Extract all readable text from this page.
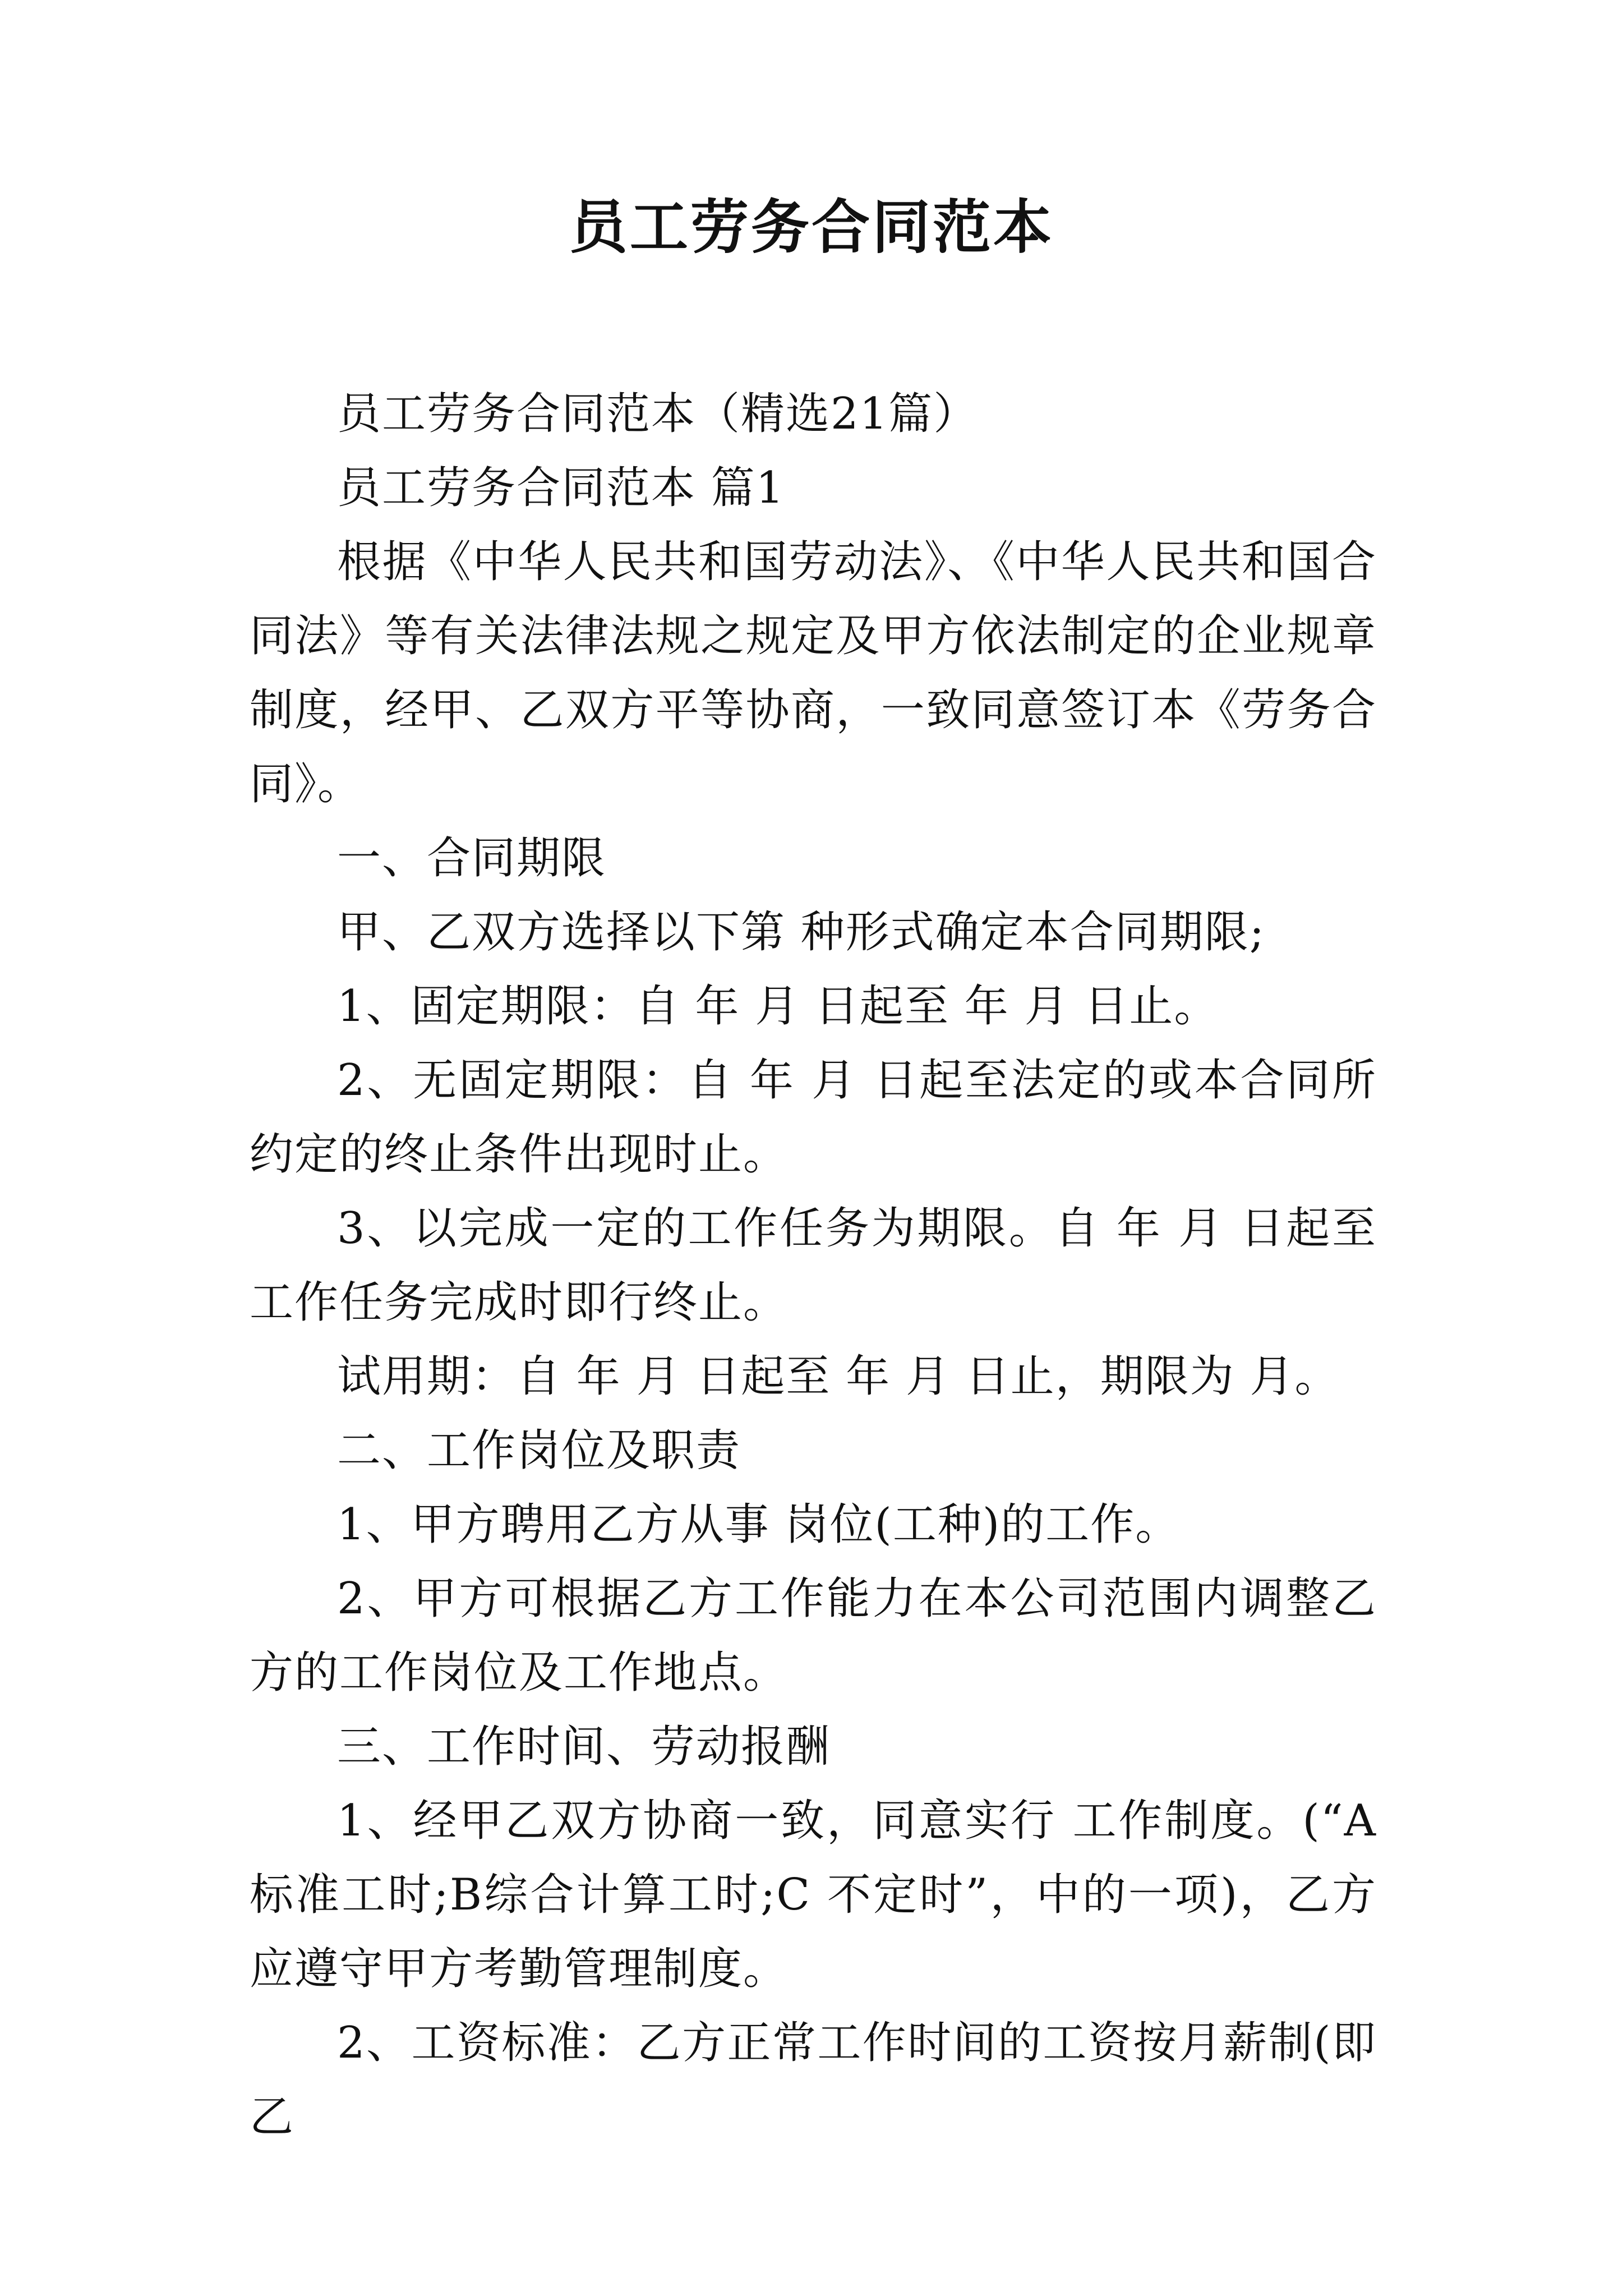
员工劳务合同范本

员工劳务合同范本（精选21篇）

员工劳务合同范本 篇1

根据《中华人民共和国劳动法》、《中华人民共和国合同法》等有关法律法规之规定及甲方依法制定的企业规章制度，经甲、乙双方平等协商，一致同意签订本《劳务合同》。

一、合同期限

甲、乙双方选择以下第 种形式确定本合同期限;

1、固定期限：自 年 月 日起至 年 月 日止。

2、无固定期限：自 年 月 日起至法定的或本合同所约定的终止条件出现时止。

3、以完成一定的工作任务为期限。自 年 月 日起至工作任务完成时即行终止。

试用期：自 年 月 日起至 年 月 日止，期限为 月。

二、工作岗位及职责

1、甲方聘用乙方从事 岗位(工种)的工作。

2、甲方可根据乙方工作能力在本公司范围内调整乙方的工作岗位及工作地点。

三、工作时间、劳动报酬

1、经甲乙双方协商一致，同意实行 工作制度。(“A标准工时;B综合计算工时;C 不定时”，中的一项)，乙方应遵守甲方考勤管理制度。

2、工资标准：乙方正常工作时间的工资按月薪制(即乙
